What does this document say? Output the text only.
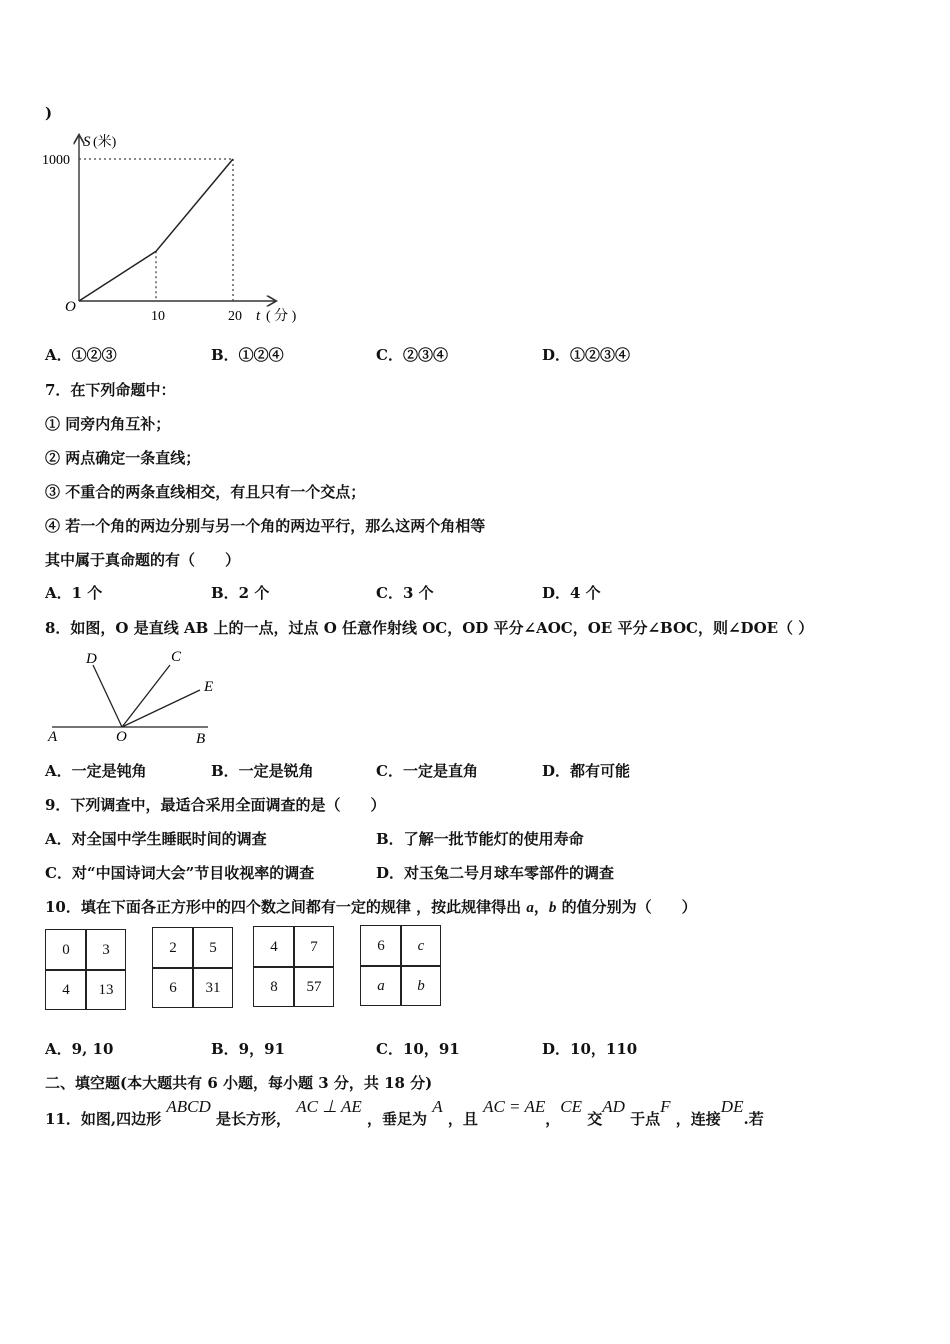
)
S (米)
1000
O
10	20 t ( 分 )
A．①②③	B．①②④	C．②③④	D．①②③④
7．在下列命题中：
① 同旁内角互补；
② 两点确定一条直线；
③ 不重合的两条直线相交，有且只有一个交点；
④ 若一个角的两边分别与另一个角的两边平行，那么这两个角相等
其中属于真命题的有（　　）
A．1 个	B．2 个	C．3 个	D．4 个
8．如图，O 是直线 AB 上的一点，过点 O 任意作射线 OC，OD 平分∠AOC，OE 平分∠BOC，则∠DOE（ ）
D	C
E
A	O	B
A．一定是钝角	B．一定是锐角	C．一定是直角	D．都有可能
9．下列调查中，最适合采用全面调查的是（　　）
A．对全国中学生睡眠时间的调查	B．了解一批节能灯的使用寿命
C．对“中国诗词大会”节目收视率的调查	D．对玉兔二号月球车零部件的调查
10．填在下面各正方形中的四个数之间都有一定的规律 ，按此规律得出 a，b 的值分别为（　　）
0	3
4	13
2	5
6	31
4	7
8	57
6	c
a	b
A．9, 10	B．9，91	C．10，91	D．10，110
二、填空题(本大题共有 6 小题，每小题 3 分，共 18 分)
11．如图,四边形 ABCD 是长方形， AC ⊥ AE ，垂足为 A ，且 AC = AE，CE 交AD 于点F ，连接DE.若
